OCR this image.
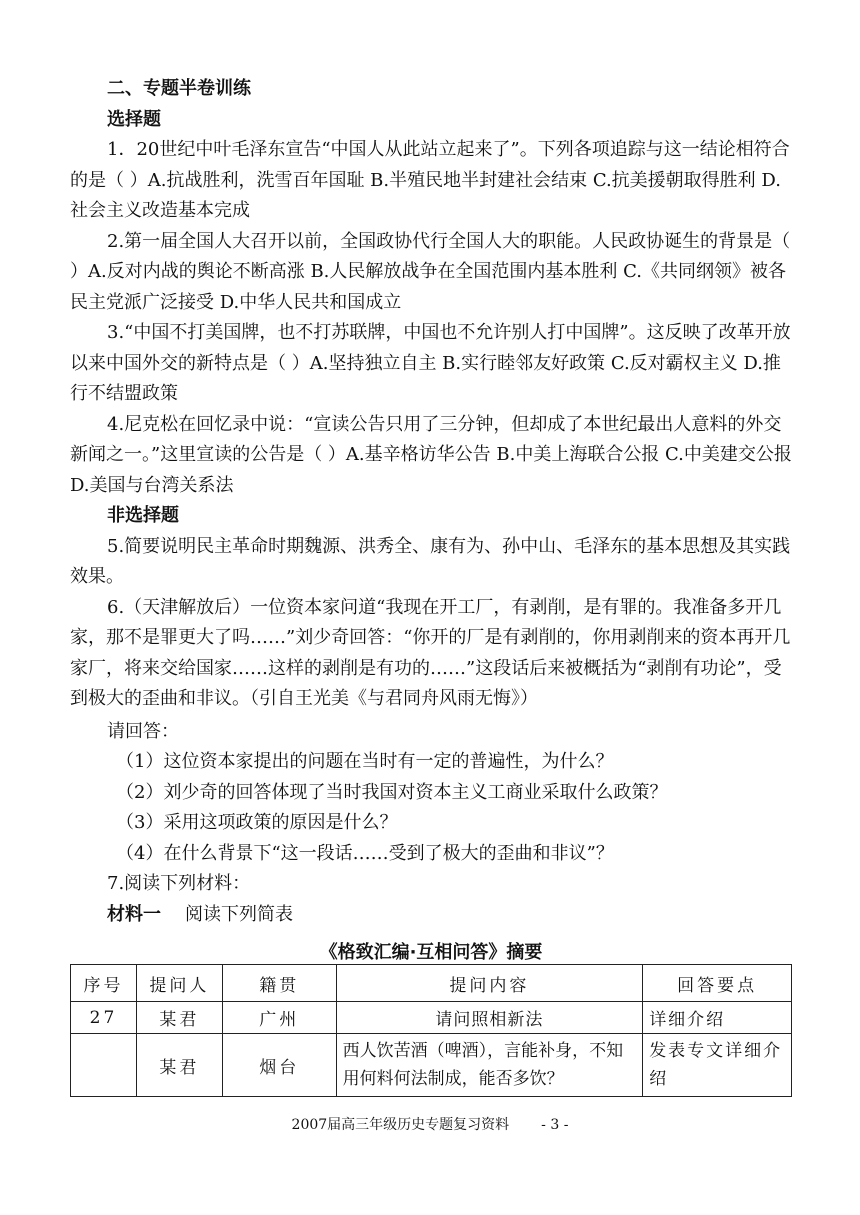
二、专题半卷训练

选择题

1．20世纪中叶毛泽东宣告“中国人从此站立起来了”。下列各项追踪与这一结论相符合的是（ ）A.抗战胜利，洗雪百年国耻 B.半殖民地半封建社会结束 C.抗美援朝取得胜利 D.社会主义改造基本完成

2.第一届全国人大召开以前，全国政协代行全国人大的职能。人民政协诞生的背景是（ ）A.反对内战的舆论不断高涨 B.人民解放战争在全国范围内基本胜利 C.《共同纲领》被各民主党派广泛接受 D.中华人民共和国成立

3.“中国不打美国牌，也不打苏联牌，中国也不允许别人打中国牌”。这反映了改革开放以来中国外交的新特点是（ ）A.坚持独立自主 B.实行睦邻友好政策 C.反对霸权主义 D.推行不结盟政策

4.尼克松在回忆录中说：“宣读公告只用了三分钟，但却成了本世纪最出人意料的外交新闻之一。”这里宣读的公告是（ ）A.基辛格访华公告 B.中美上海联合公报 C.中美建交公报 D.美国与台湾关系法

非选择题

5.简要说明民主革命时期魏源、洪秀全、康有为、孙中山、毛泽东的基本思想及其实践效果。

6.（天津解放后）一位资本家问道“我现在开工厂，有剥削，是有罪的。我准备多开几家，那不是罪更大了吗……”刘少奇回答：“你开的厂是有剥削的，你用剥削来的资本再开几家厂，将来交给国家……这样的剥削是有功的……”这段话后来被概括为“剥削有功论”，受到极大的歪曲和非议。（引自王光美《与君同舟风雨无悔》）

请回答：

（1）这位资本家提出的问题在当时有一定的普遍性，为什么？

（2）刘少奇的回答体现了当时我国对资本主义工商业采取什么政策？

（3）采用这项政策的原因是什么？

（4）在什么背景下“这一段话……受到了极大的歪曲和非议”？

7.阅读下列材料：

材料一 阅读下列简表

《格致汇编·互相问答》摘要
序号	提问人	籍贯	提问内容	回答要点
27	某君	广州	请问照相新法	详细介绍
	某君	烟台	西人饮苦酒（啤酒），言能补身，不知用何料何法制成，能否多饮？	发表专文详细介绍
2007届高三年级历史专题复习资料 - 3 -
